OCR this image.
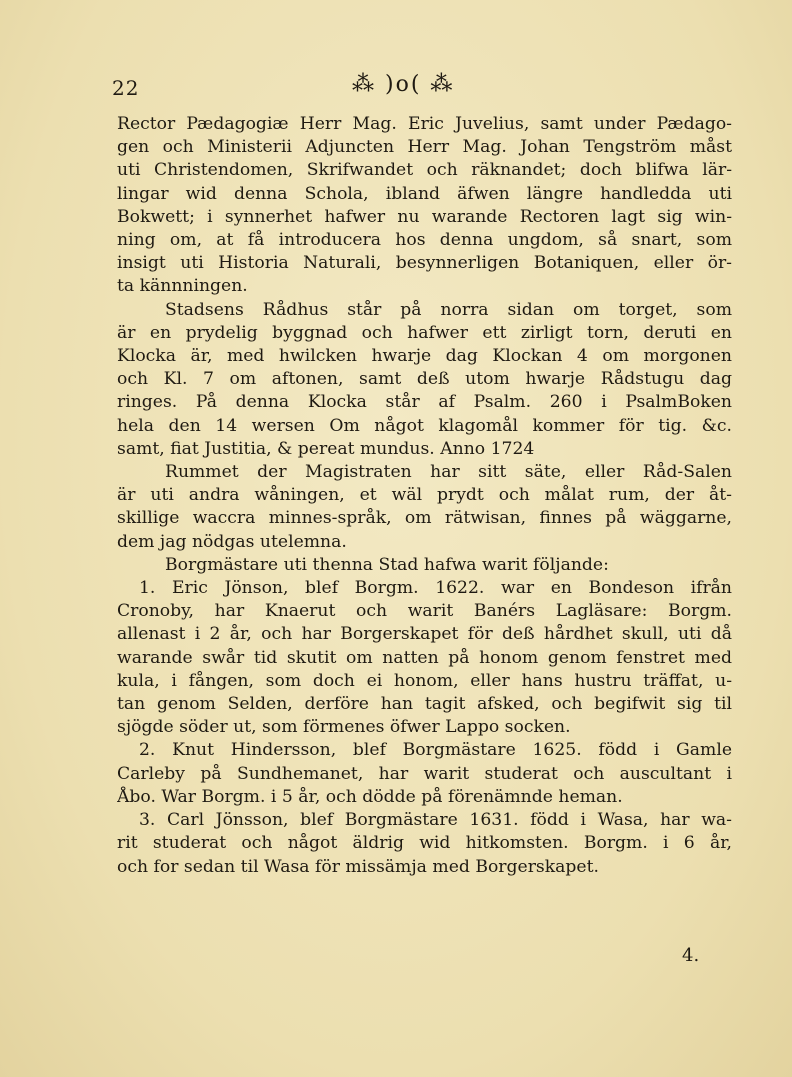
22	⁂ )o( ⁂
Rector Pædagogiæ Herr Mag. Eric Juvelius, samt under Pædago-
gen och Ministerii Adjuncten Herr Mag. Johan Tengström måst
uti Christendomen, Skrifwandet och räknandet; doch blifwa lär-
lingar wid denna Schola, ibland äfwen längre handledda uti
Bokwett; i synnerhet hafwer nu warande Rectoren lagt sig win-
ning om, at få introducera hos denna ungdom, så snart, som
insigt uti Historia Naturali, besynnerligen Botaniquen, eller ör-
ta kännningen.
Stadsens Rådhus står på norra sidan om torget, som
är en prydelig byggnad och hafwer ett zirligt torn, deruti en
Klocka är, med hwilcken hwarje dag Klockan 4 om morgonen
och Kl. 7 om aftonen, samt deß utom hwarje Rådstugu dag
ringes. På denna Klocka står af Psalm. 260 i PsalmBoken
hela den 14 wersen Om något klagomål kommer för tig. &c.
samt, fiat Justitia, & pereat mundus. Anno 1724
Rummet der Magistraten har sitt säte, eller Råd-Salen
är uti andra wåningen, et wäl prydt och målat rum, der åt-
skillige waccra minnes-språk, om rätwisan, finnes på wäggarne,
dem jag nödgas utelemna.
Borgmästare uti thenna Stad hafwa warit följande:
1. Eric Jönson, blef Borgm. 1622. war en Bondeson ifrån
Cronoby, har Knaerut och warit Banérs Lagläsare: Borgm.
allenast i 2 år, och har Borgerskapet för deß hårdhet skull, uti då
warande swår tid skutit om natten på honom genom fenstret med
kula, i fången, som doch ei honom, eller hans hustru träffat, u-
tan genom Selden, derföre han tagit afsked, och begifwit sig til
sjögde söder ut, som förmenes öfwer Lappo socken.
2. Knut Hindersson, blef Borgmästare 1625. född i Gamle
Carleby på Sundhemanet, har warit studerat och auscultant i
Åbo. War Borgm. i 5 år, och dödde på förenämnde heman.
3. Carl Jönsson, blef Borgmästare 1631. född i Wasa, har wa-
rit studerat och något äldrig wid hitkomsten. Borgm. i 6 år,
och for sedan til Wasa för missämja med Borgerskapet.
4.
